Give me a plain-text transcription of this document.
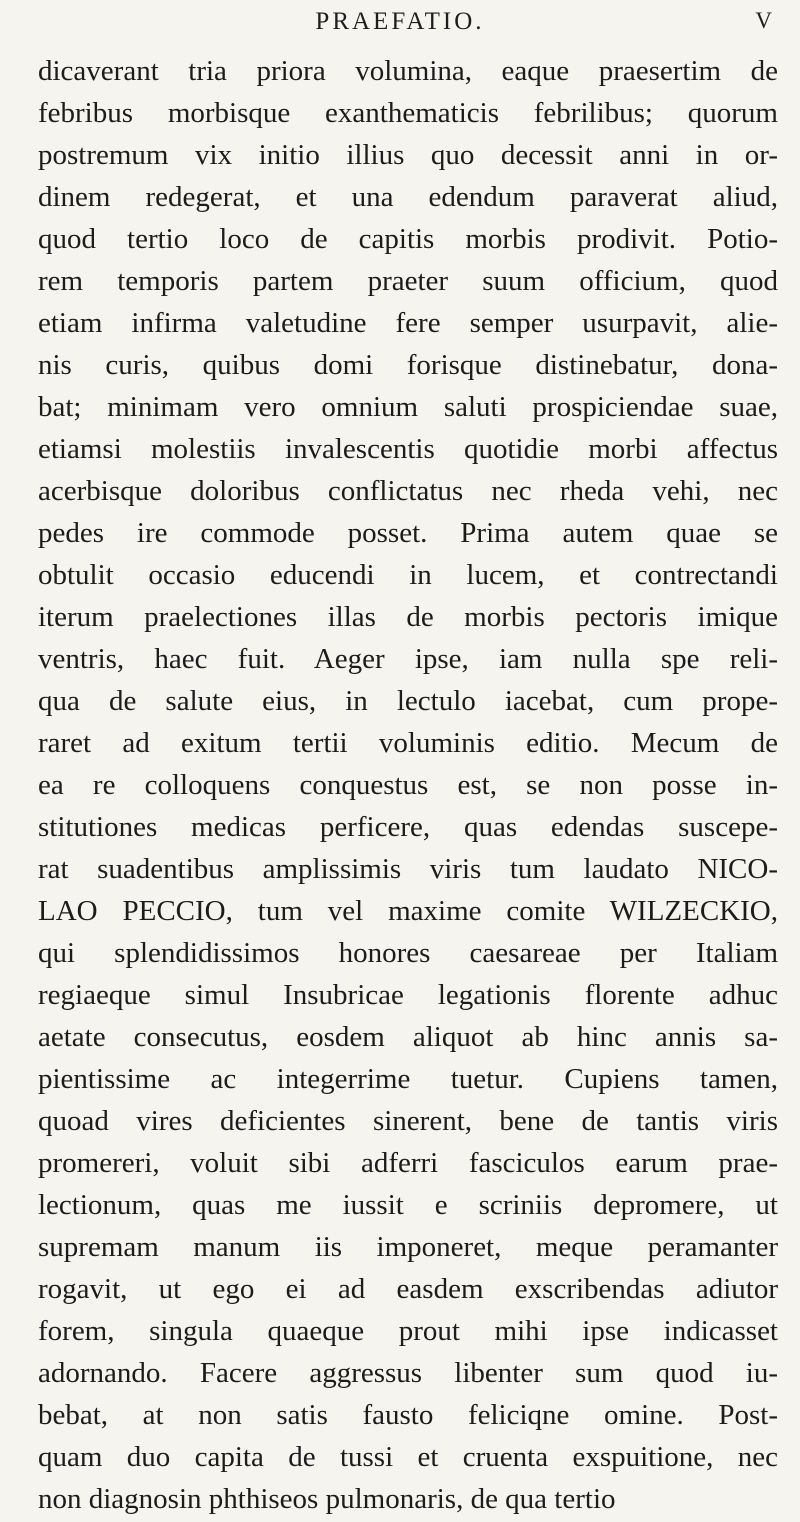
PRAEFATIO.	V
dicaverant tria priora volumina, eaque praesertim de
febribus morbisque exanthematicis febrilibus; quorum
postremum vix initio illius quo decessit anni in or-
dinem redegerat, et una edendum paraverat aliud,
quod tertio loco de capitis morbis prodivit. Potio-
rem temporis partem praeter suum officium, quod
etiam infirma valetudine fere semper usurpavit, alie-
nis curis, quibus domi forisque distinebatur, dona-
bat; minimam vero omnium saluti prospiciendae suae,
etiamsi molestiis invalescentis quotidie morbi affectus
acerbisque doloribus conflictatus nec rheda vehi, nec
pedes ire commode posset. Prima autem quae se
obtulit occasio educendi in lucem, et contrectandi
iterum praelectiones illas de morbis pectoris imique
ventris, haec fuit. Aeger ipse, iam nulla spe reli-
qua de salute eius, in lectulo iacebat, cum prope-
raret ad exitum tertii voluminis editio. Mecum de
ea re colloquens conquestus est, se non posse in-
stitutiones medicas perficere, quas edendas suscepe-
rat suadentibus amplissimis viris tum laudato NICO-
LAO PECCIO, tum vel maxime comite WILZECKIO,
qui splendidissimos honores caesareae per Italiam
regiaeque simul Insubricae legationis florente adhuc
aetate consecutus, eosdem aliquot ab hinc annis sa-
pientissime ac integerrime tuetur. Cupiens tamen,
quoad vires deficientes sinerent, bene de tantis viris
promereri, voluit sibi adferri fasciculos earum prae-
lectionum, quas me iussit e scriniis depromere, ut
supremam manum iis imponeret, meque peramanter
rogavit, ut ego ei ad easdem exscribendas adiutor
forem, singula quaeque prout mihi ipse indicasset
adornando. Facere aggressus libenter sum quod iu-
bebat, at non satis fausto feliciqne omine. Post-
quam duo capita de tussi et cruenta exspuitione, nec
non diagnosin phthiseos pulmonaris, de qua tertio
